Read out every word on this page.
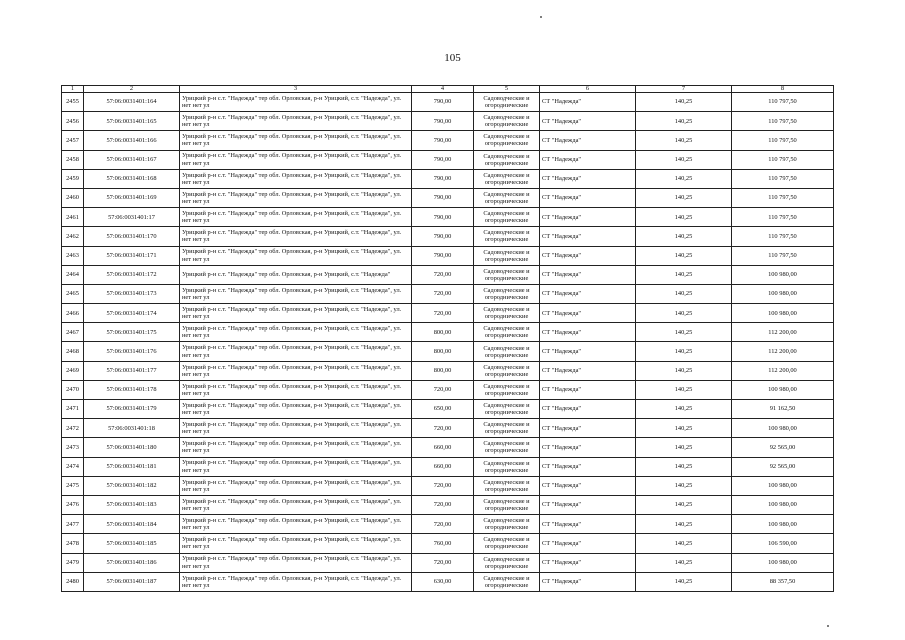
105
1	2	3	4	5	6	7	8
2455	57:06:0031401:164	Урицкий р-н с.т. "Надежда" тер обл. Орловская, р-н Урицкий, с.т. "Надежда", ул. нет нет ул	790,00	Садоводческие и огороднические	СТ "Надежда"	140,25	110 797,50
2456	57:06:0031401:165	Урицкий р-н с.т. "Надежда" тер обл. Орловская, р-н Урицкий, с.т. "Надежда", ул. нет нет ул	790,00	Садоводческие и огороднические	СТ "Надежда"	140,25	110 797,50
2457	57:06:0031401:166	Урицкий р-н с.т. "Надежда" тер обл. Орловская, р-н Урицкий, с.т. "Надежда", ул. нет нет ул	790,00	Садоводческие и огороднические	СТ "Надежда"	140,25	110 797,50
2458	57:06:0031401:167	Урицкий р-н с.т. "Надежда" тер обл. Орловская, р-н Урицкий, с.т. "Надежда", ул. нет нет ул	790,00	Садоводческие и огороднические	СТ "Надежда"	140,25	110 797,50
2459	57:06:0031401:168	Урицкий р-н с.т. "Надежда" тер обл. Орловская, р-н Урицкий, с.т. "Надежда", ул. нет нет ул	790,00	Садоводческие и огороднические	СТ "Надежда"	140,25	110 797,50
2460	57:06:0031401:169	Урицкий р-н с.т. "Надежда" тер обл. Орловская, р-н Урицкий, с.т. "Надежда", ул. нет нет ул	790,00	Садоводческие и огороднические	СТ "Надежда"	140,25	110 797,50
2461	57:06:0031401:17	Урицкий р-н с.т. "Надежда" тер обл. Орловская, р-н Урицкий, с.т. "Надежда", ул. нет нет ул	790,00	Садоводческие и огороднические	СТ "Надежда"	140,25	110 797,50
2462	57:06:0031401:170	Урицкий р-н с.т. "Надежда" тер обл. Орловская, р-н Урицкий, с.т. "Надежда", ул. нет нет ул	790,00	Садоводческие и огороднические	СТ "Надежда"	140,25	110 797,50
2463	57:06:0031401:171	Урицкий р-н с.т. "Надежда" тер обл. Орловская, р-н Урицкий, с.т. "Надежда", ул. нет нет ул	790,00	Садоводческие и огороднические	СТ "Надежда"	140,25	110 797,50
2464	57:06:0031401:172	Урицкий р-н с.т. "Надежда" тер обл. Орловская, р-н Урицкий, с.т. "Надежда"	720,00	Садоводческие и огороднические	СТ "Надежда"	140,25	100 980,00
2465	57:06:0031401:173	Урицкий р-н с.т. "Надежда" тер обл. Орловская, р-н Урицкий, с.т. "Надежда", ул. нет нет ул	720,00	Садоводческие и огороднические	СТ "Надежда"	140,25	100 980,00
2466	57:06:0031401:174	Урицкий р-н с.т. "Надежда" тер обл. Орловская, р-н Урицкий, с.т. "Надежда", ул. нет нет ул	720,00	Садоводческие и огороднические	СТ "Надежда"	140,25	100 980,00
2467	57:06:0031401:175	Урицкий р-н с.т. "Надежда" тер обл. Орловская, р-н Урицкий, с.т. "Надежда", ул. нет нет ул	800,00	Садоводческие и огороднические	СТ "Надежда"	140,25	112 200,00
2468	57:06:0031401:176	Урицкий р-н с.т. "Надежда" тер обл. Орловская, р-н Урицкий, с.т. "Надежда", ул. нет нет ул	800,00	Садоводческие и огороднические	СТ "Надежда"	140,25	112 200,00
2469	57:06:0031401:177	Урицкий р-н с.т. "Надежда" тер обл. Орловская, р-н Урицкий, с.т. "Надежда", ул. нет нет ул	800,00	Садоводческие и огороднические	СТ "Надежда"	140,25	112 200,00
2470	57:06:0031401:178	Урицкий р-н с.т. "Надежда" тер обл. Орловская, р-н Урицкий, с.т. "Надежда", ул. нет нет ул	720,00	Садоводческие и огороднические	СТ "Надежда"	140,25	100 980,00
2471	57:06:0031401:179	Урицкий р-н с.т. "Надежда" тер обл. Орловская, р-н Урицкий, с.т. "Надежда", ул. нет нет ул	650,00	Садоводческие и огороднические	СТ "Надежда"	140,25	91 162,50
2472	57:06:0031401:18	Урицкий р-н с.т. "Надежда" тер обл. Орловская, р-н Урицкий, с.т. "Надежда", ул. нет нет ул	720,00	Садоводческие и огороднические	СТ "Надежда"	140,25	100 980,00
2473	57:06:0031401:180	Урицкий р-н с.т. "Надежда" тер обл. Орловская, р-н Урицкий, с.т. "Надежда", ул. нет нет ул	660,00	Садоводческие и огороднические	СТ "Надежда"	140,25	92 565,00
2474	57:06:0031401:181	Урицкий р-н с.т. "Надежда" тер обл. Орловская, р-н Урицкий, с.т. "Надежда", ул. нет нет ул	660,00	Садоводческие и огороднические	СТ "Надежда"	140,25	92 565,00
2475	57:06:0031401:182	Урицкий р-н с.т. "Надежда" тер обл. Орловская, р-н Урицкий, с.т. "Надежда", ул. нет нет ул	720,00	Садоводческие и огороднические	СТ "Надежда"	140,25	100 980,00
2476	57:06:0031401:183	Урицкий р-н с.т. "Надежда" тер обл. Орловская, р-н Урицкий, с.т. "Надежда", ул. нет нет ул	720,00	Садоводческие и огороднические	СТ "Надежда"	140,25	100 980,00
2477	57:06:0031401:184	Урицкий р-н с.т. "Надежда" тер обл. Орловская, р-н Урицкий, с.т. "Надежда", ул. нет нет ул	720,00	Садоводческие и огороднические	СТ "Надежда"	140,25	100 980,00
2478	57:06:0031401:185	Урицкий р-н с.т. "Надежда" тер обл. Орловская, р-н Урицкий, с.т. "Надежда", ул. нет нет ул	760,00	Садоводческие и огороднические	СТ "Надежда"	140,25	106 590,00
2479	57:06:0031401:186	Урицкий р-н с.т. "Надежда" тер обл. Орловская, р-н Урицкий, с.т. "Надежда", ул. нет нет ул	720,00	Садоводческие и огороднические	СТ "Надежда"	140,25	100 980,00
2480	57:06:0031401:187	Урицкий р-н с.т. "Надежда" тер обл. Орловская, р-н Урицкий, с.т. "Надежда", ул. нет нет ул	630,00	Садоводческие и огороднические	СТ "Надежда"	140,25	88 357,50
